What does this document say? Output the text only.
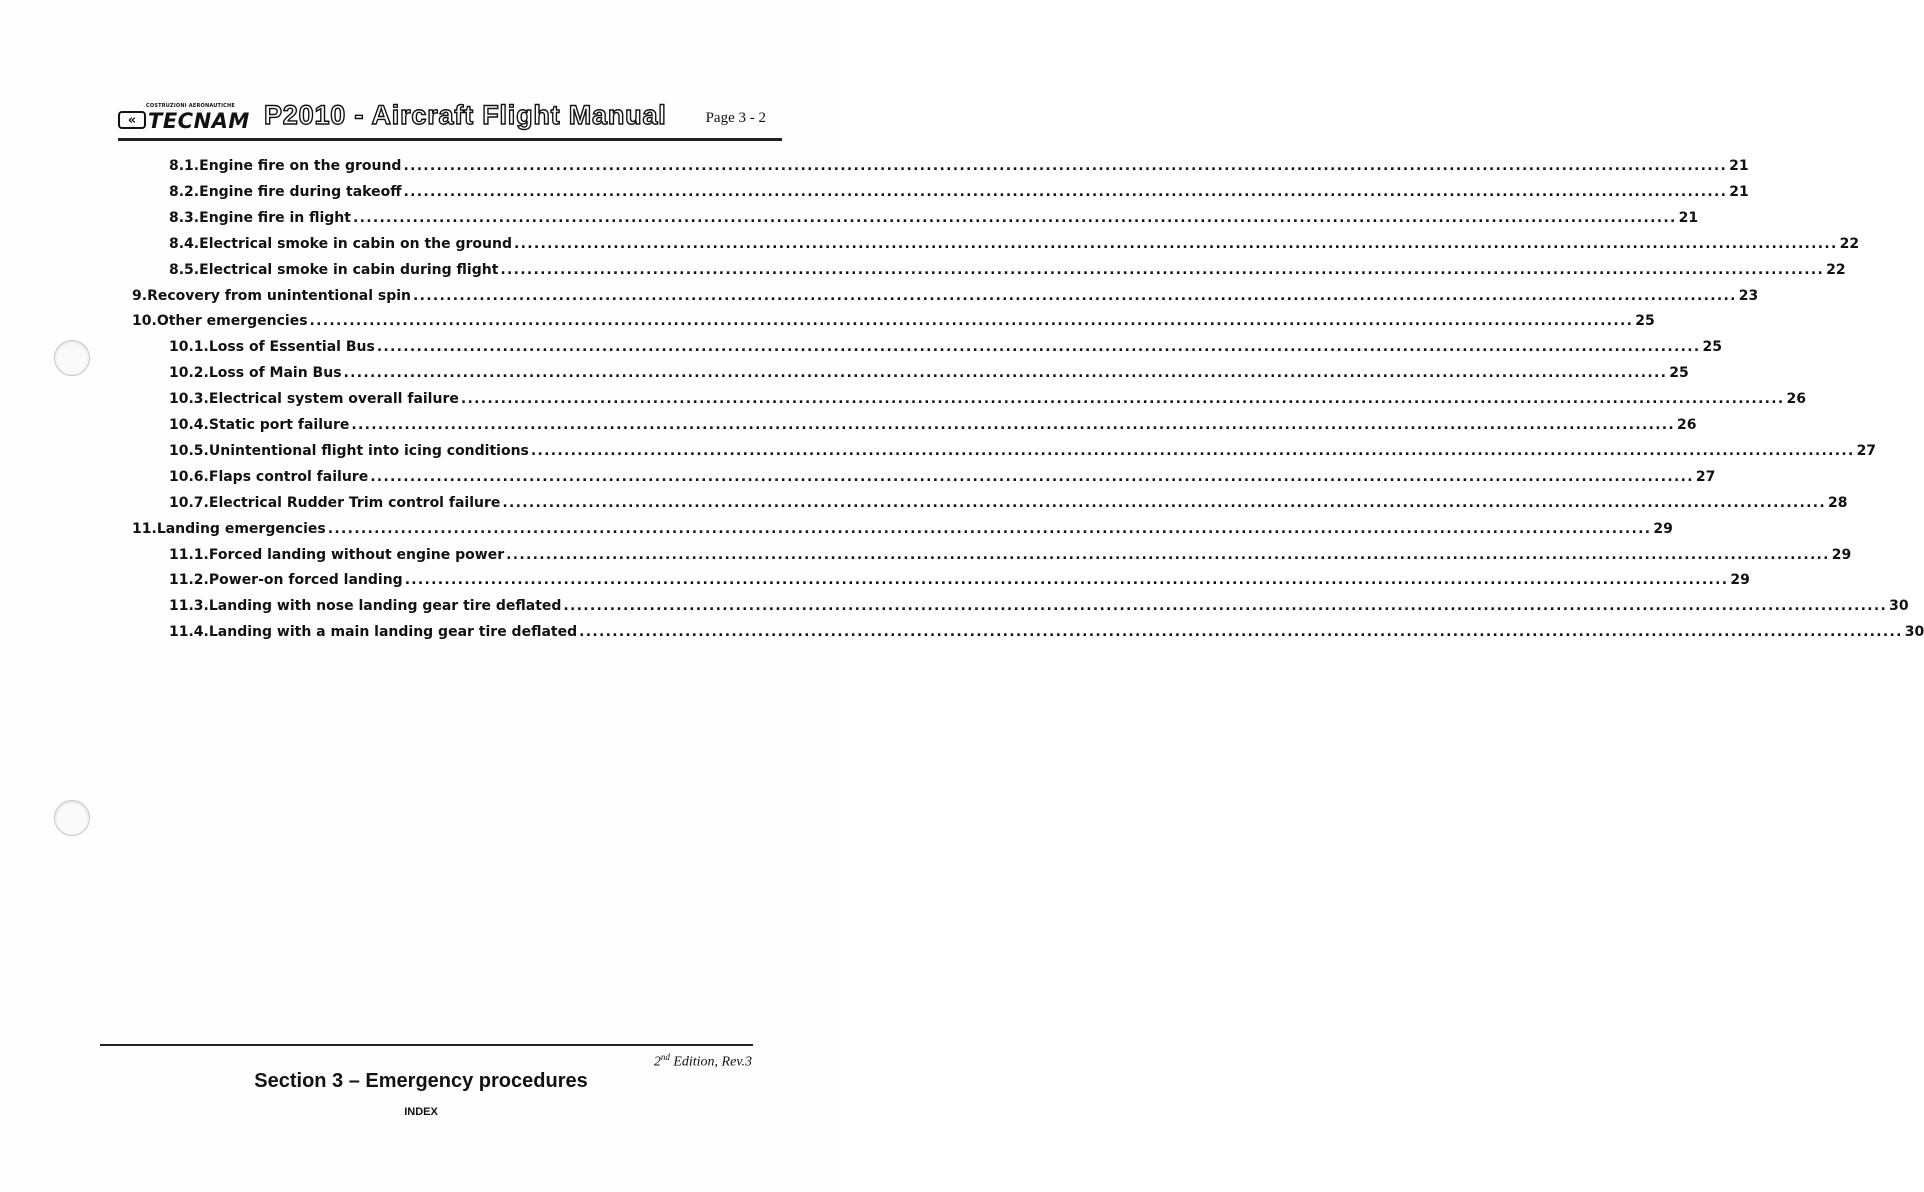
COSTRUZIONI AERONAUTICHE
« TECNAM P2010 - Aircraft Flight Manual	Page 3 - 2
8.1. Engine fire on the ground ........................................................................................................................................................................................................ 21
8.2. Engine fire during takeoff ........................................................................................................................................................................................................ 21
8.3. Engine fire in flight ........................................................................................................................................................................................................ 21
8.4. Electrical smoke in cabin on the ground ........................................................................................................................................................................................................ 22
8.5. Electrical smoke in cabin during flight ........................................................................................................................................................................................................ 22
9. Recovery from unintentional spin ........................................................................................................................................................................................................ 23
10. Other emergencies ........................................................................................................................................................................................................ 25
10.1. Loss of Essential Bus ........................................................................................................................................................................................................ 25
10.2. Loss of Main Bus ........................................................................................................................................................................................................ 25
10.3. Electrical system overall failure ........................................................................................................................................................................................................ 26
10.4. Static port failure ........................................................................................................................................................................................................ 26
10.5. Unintentional flight into icing conditions ........................................................................................................................................................................................................ 27
10.6. Flaps control failure ........................................................................................................................................................................................................ 27
10.7. Electrical Rudder Trim control failure ........................................................................................................................................................................................................ 28
11. Landing emergencies ........................................................................................................................................................................................................ 29
11.1. Forced landing without engine power ........................................................................................................................................................................................................ 29
11.2. Power-on forced landing ........................................................................................................................................................................................................ 29
11.3. Landing with nose landing gear tire deflated ........................................................................................................................................................................................................ 30
11.4. Landing with a main landing gear tire deflated ........................................................................................................................................................................................................ 30
2nd Edition, Rev.3
Section 3 – Emergency procedures
INDEX
